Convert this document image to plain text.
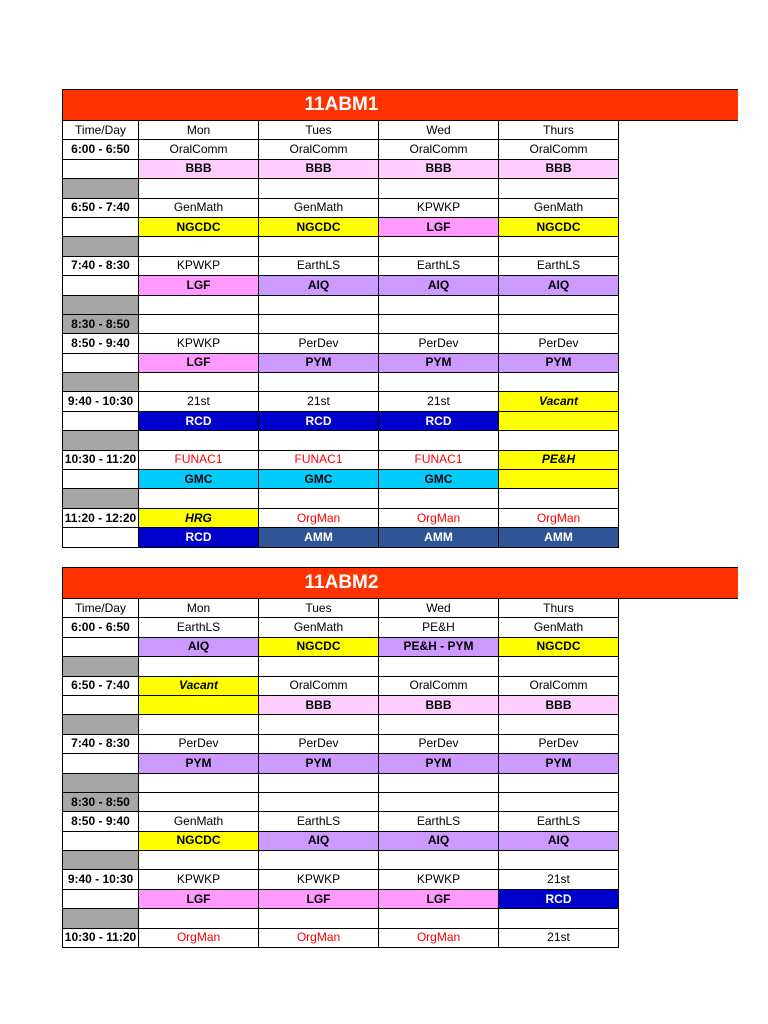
11ABM1
Time/Day	Mon	Tues	Wed	Thurs
6:00 - 6:50	OralComm	OralComm	OralComm	OralComm
	BBB	BBB	BBB	BBB

6:50 - 7:40	GenMath	GenMath	KPWKP	GenMath
	NGCDC	NGCDC	LGF	NGCDC

7:40 - 8:30	KPWKP	EarthLS	EarthLS	EarthLS
	LGF	AIQ	AIQ	AIQ

8:30 - 8:50				
8:50 - 9:40	KPWKP	PerDev	PerDev	PerDev
	LGF	PYM	PYM	PYM

9:40 - 10:30	21st	21st	21st	Vacant
	RCD	RCD	RCD	

10:30 - 11:20	FUNAC1	FUNAC1	FUNAC1	PE&H
	GMC	GMC	GMC	

11:20 - 12:20	HRG	OrgMan	OrgMan	OrgMan
	RCD	AMM	AMM	AMM
11ABM2
Time/Day	Mon	Tues	Wed	Thurs
6:00 - 6:50	EarthLS	GenMath	PE&H	GenMath
	AIQ	NGCDC	PE&H - PYM	NGCDC

6:50 - 7:40	Vacant	OralComm	OralComm	OralComm
		BBB	BBB	BBB

7:40 - 8:30	PerDev	PerDev	PerDev	PerDev
	PYM	PYM	PYM	PYM

8:30 - 8:50				
8:50 - 9:40	GenMath	EarthLS	EarthLS	EarthLS
	NGCDC	AIQ	AIQ	AIQ

9:40 - 10:30	KPWKP	KPWKP	KPWKP	21st
	LGF	LGF	LGF	RCD

10:30 - 11:20	OrgMan	OrgMan	OrgMan	21st
